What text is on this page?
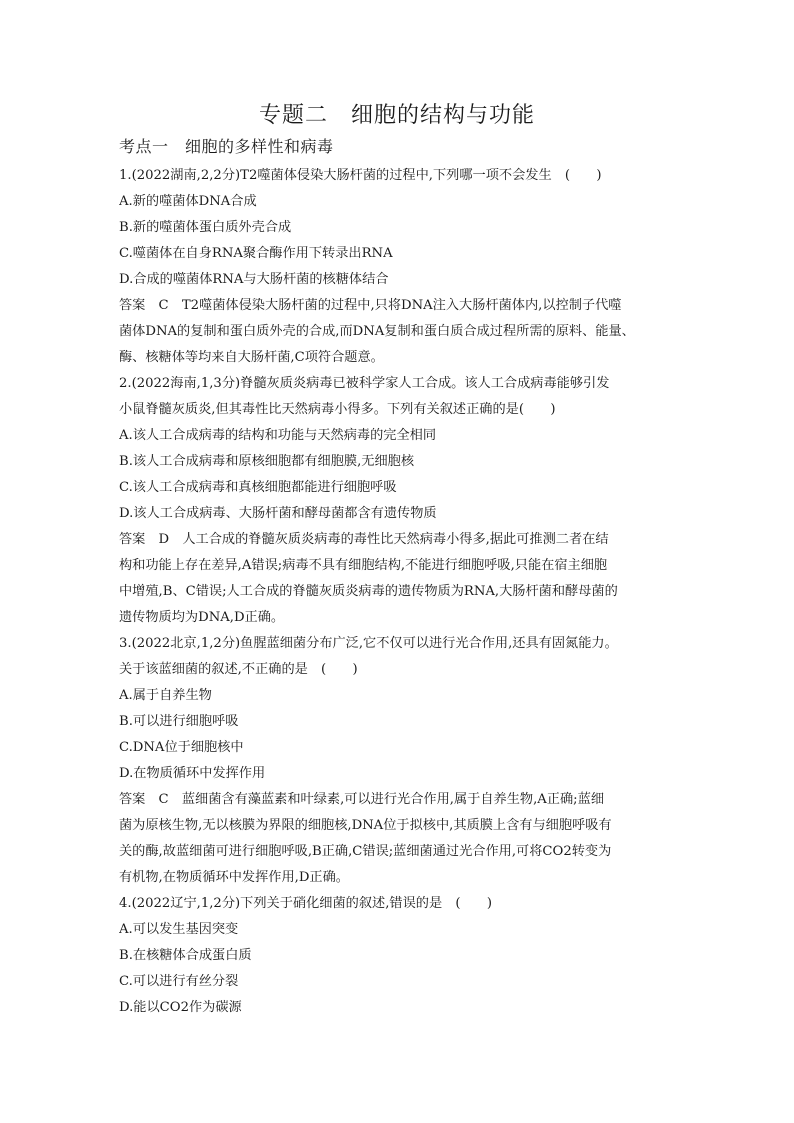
专题二　细胞的结构与功能
考点一　细胞的多样性和病毒
1.(2022湖南,2,2分)T2噬菌体侵染大肠杆菌的过程中,下列哪一项不会发生　(　　)
A.新的噬菌体DNA合成
B.新的噬菌体蛋白质外壳合成
C.噬菌体在自身RNA聚合酶作用下转录出RNA
D.合成的噬菌体RNA与大肠杆菌的核糖体结合
答案　C　T2噬菌体侵染大肠杆菌的过程中,只将DNA注入大肠杆菌体内,以控制子代噬
菌体DNA的复制和蛋白质外壳的合成,而DNA复制和蛋白质合成过程所需的原料、能量、
酶、核糖体等均来自大肠杆菌,C项符合题意。
2.(2022海南,1,3分)脊髓灰质炎病毒已被科学家人工合成。该人工合成病毒能够引发
小鼠脊髓灰质炎,但其毒性比天然病毒小得多。下列有关叙述正确的是(　　)
A.该人工合成病毒的结构和功能与天然病毒的完全相同
B.该人工合成病毒和原核细胞都有细胞膜,无细胞核
C.该人工合成病毒和真核细胞都能进行细胞呼吸
D.该人工合成病毒、大肠杆菌和酵母菌都含有遗传物质
答案　D　人工合成的脊髓灰质炎病毒的毒性比天然病毒小得多,据此可推测二者在结
构和功能上存在差异,A错误;病毒不具有细胞结构,不能进行细胞呼吸,只能在宿主细胞
中增殖,B、C错误;人工合成的脊髓灰质炎病毒的遗传物质为RNA,大肠杆菌和酵母菌的
遗传物质均为DNA,D正确。
3.(2022北京,1,2分)鱼腥蓝细菌分布广泛,它不仅可以进行光合作用,还具有固氮能力。
关于该蓝细菌的叙述,不正确的是　(　　)
A.属于自养生物
B.可以进行细胞呼吸
C.DNA位于细胞核中
D.在物质循环中发挥作用
答案　C　蓝细菌含有藻蓝素和叶绿素,可以进行光合作用,属于自养生物,A正确;蓝细
菌为原核生物,无以核膜为界限的细胞核,DNA位于拟核中,其质膜上含有与细胞呼吸有
关的酶,故蓝细菌可进行细胞呼吸,B正确,C错误;蓝细菌通过光合作用,可将CO2转变为
有机物,在物质循环中发挥作用,D正确。
4.(2022辽宁,1,2分)下列关于硝化细菌的叙述,错误的是　(　　)
A.可以发生基因突变
B.在核糖体合成蛋白质
C.可以进行有丝分裂
D.能以CO2作为碳源
